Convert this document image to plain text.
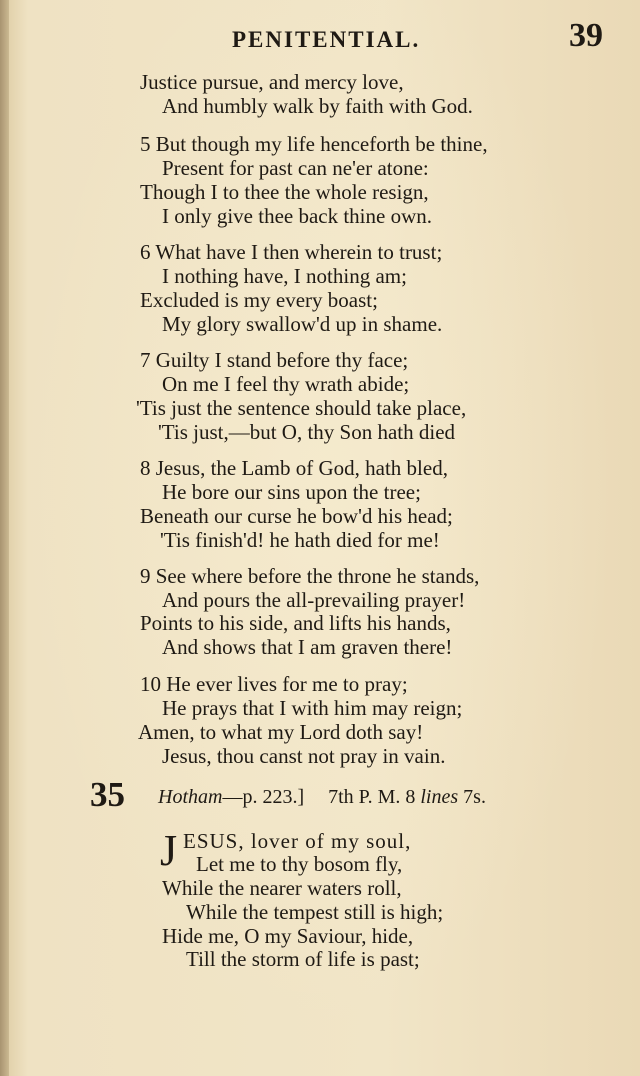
PENITENTIAL.	39
Justice pursue, and mercy love,
And humbly walk by faith with God.
5 But though my life henceforth be thine,
Present for past can ne'er atone:
Though I to thee the whole resign,
I only give thee back thine own.
6 What have I then wherein to trust;
I nothing have, I nothing am;
Excluded is my every boast;
My glory swallow'd up in shame.
7 Guilty I stand before thy face;
On me I feel thy wrath abide;
'Tis just the sentence should take place,
'Tis just,—but O, thy Son hath died
8 Jesus, the Lamb of God, hath bled,
He bore our sins upon the tree;
Beneath our curse he bow'd his head;
'Tis finish'd! he hath died for me!
9 See where before the throne he stands,
And pours the all-prevailing prayer!
Points to his side, and lifts his hands,
And shows that I am graven there!
10 He ever lives for me to pray;
He prays that I with him may reign;
Amen, to what my Lord doth say!
Jesus, thou canst not pray in vain.
35 Hotham—p. 223.] 7th P. M. 8 lines 7s.
J ESUS, lover of my soul,
Let me to thy bosom fly,
While the nearer waters roll,
While the tempest still is high;
Hide me, O my Saviour, hide,
Till the storm of life is past;
